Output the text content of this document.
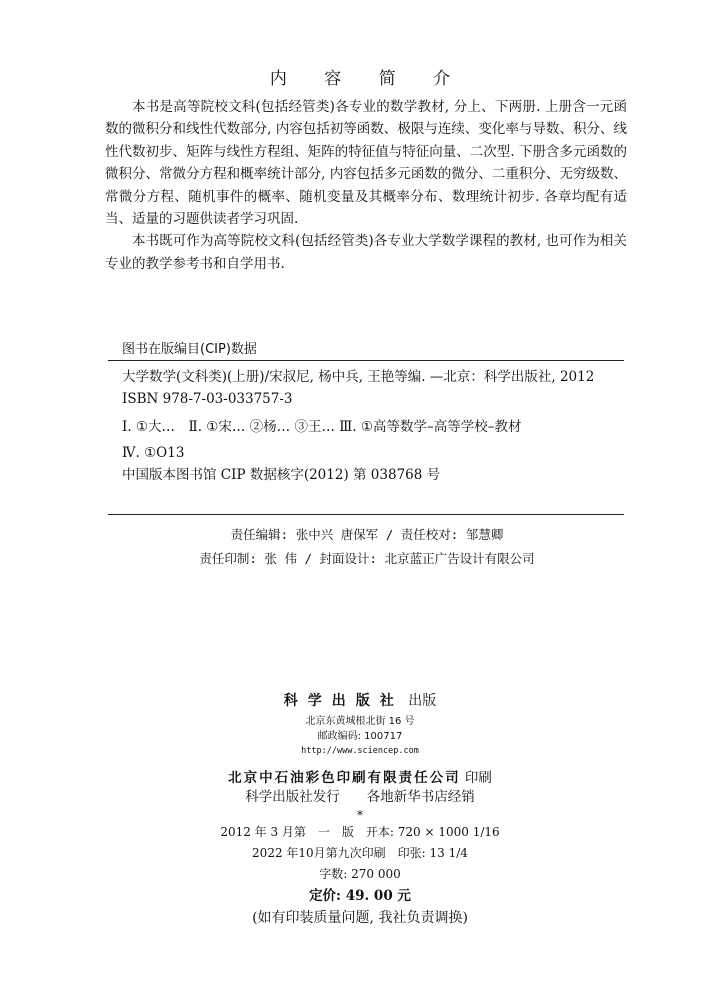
内 容 简 介

本书是高等院校文科(包括经管类)各专业的数学教材, 分上、下两册. 上册含一元函数的微积分和线性代数部分, 内容包括初等函数、极限与连续、变化率与导数、积分、线性代数初步、矩阵与线性方程组、矩阵的特征值与特征向量、二次型. 下册含多元函数的微积分、常微分方程和概率统计部分, 内容包括多元函数的微分、二重积分、无穷级数、常微分方程、随机事件的概率、随机变量及其概率分布、数理统计初步. 各章均配有适当、适量的习题供读者学习巩固.

本书既可作为高等院校文科(包括经管类)各专业大学数学课程的教材, 也可作为相关专业的教学参考书和自学用书.

图书在版编目(CIP)数据
大学数学(文科类)(上册)/宋叔尼, 杨中兵, 王艳等编. —北京：科学出版社, 2012
ISBN 978-7-03-033757-3
Ⅰ. ①大…　Ⅱ. ①宋… ②杨… ③王… Ⅲ. ①高等数学–高等学校–教材
Ⅳ. ①O13
中国版本图书馆 CIP 数据核字(2012) 第 038768 号
责任编辑: 张中兴 唐保军 / 责任校对: 邹慧卿
责任印制: 张 伟 / 封面设计: 北京蓝正广告设计有限公司
科学出版社 出版
北京东黄城根北街 16 号
邮政编码: 100717
http://www.sciencep.com
北京中石油彩色印刷有限责任公司 印刷
科学出版社发行　　各地新华书店经销
*
2012 年 3 月第　一　版　开本: 720 × 1000 1/16
2022 年10月第九次印刷　印张: 13 1/4
字数: 270 000
定价: 49. 00 元
(如有印装质量问题, 我社负责调换)
